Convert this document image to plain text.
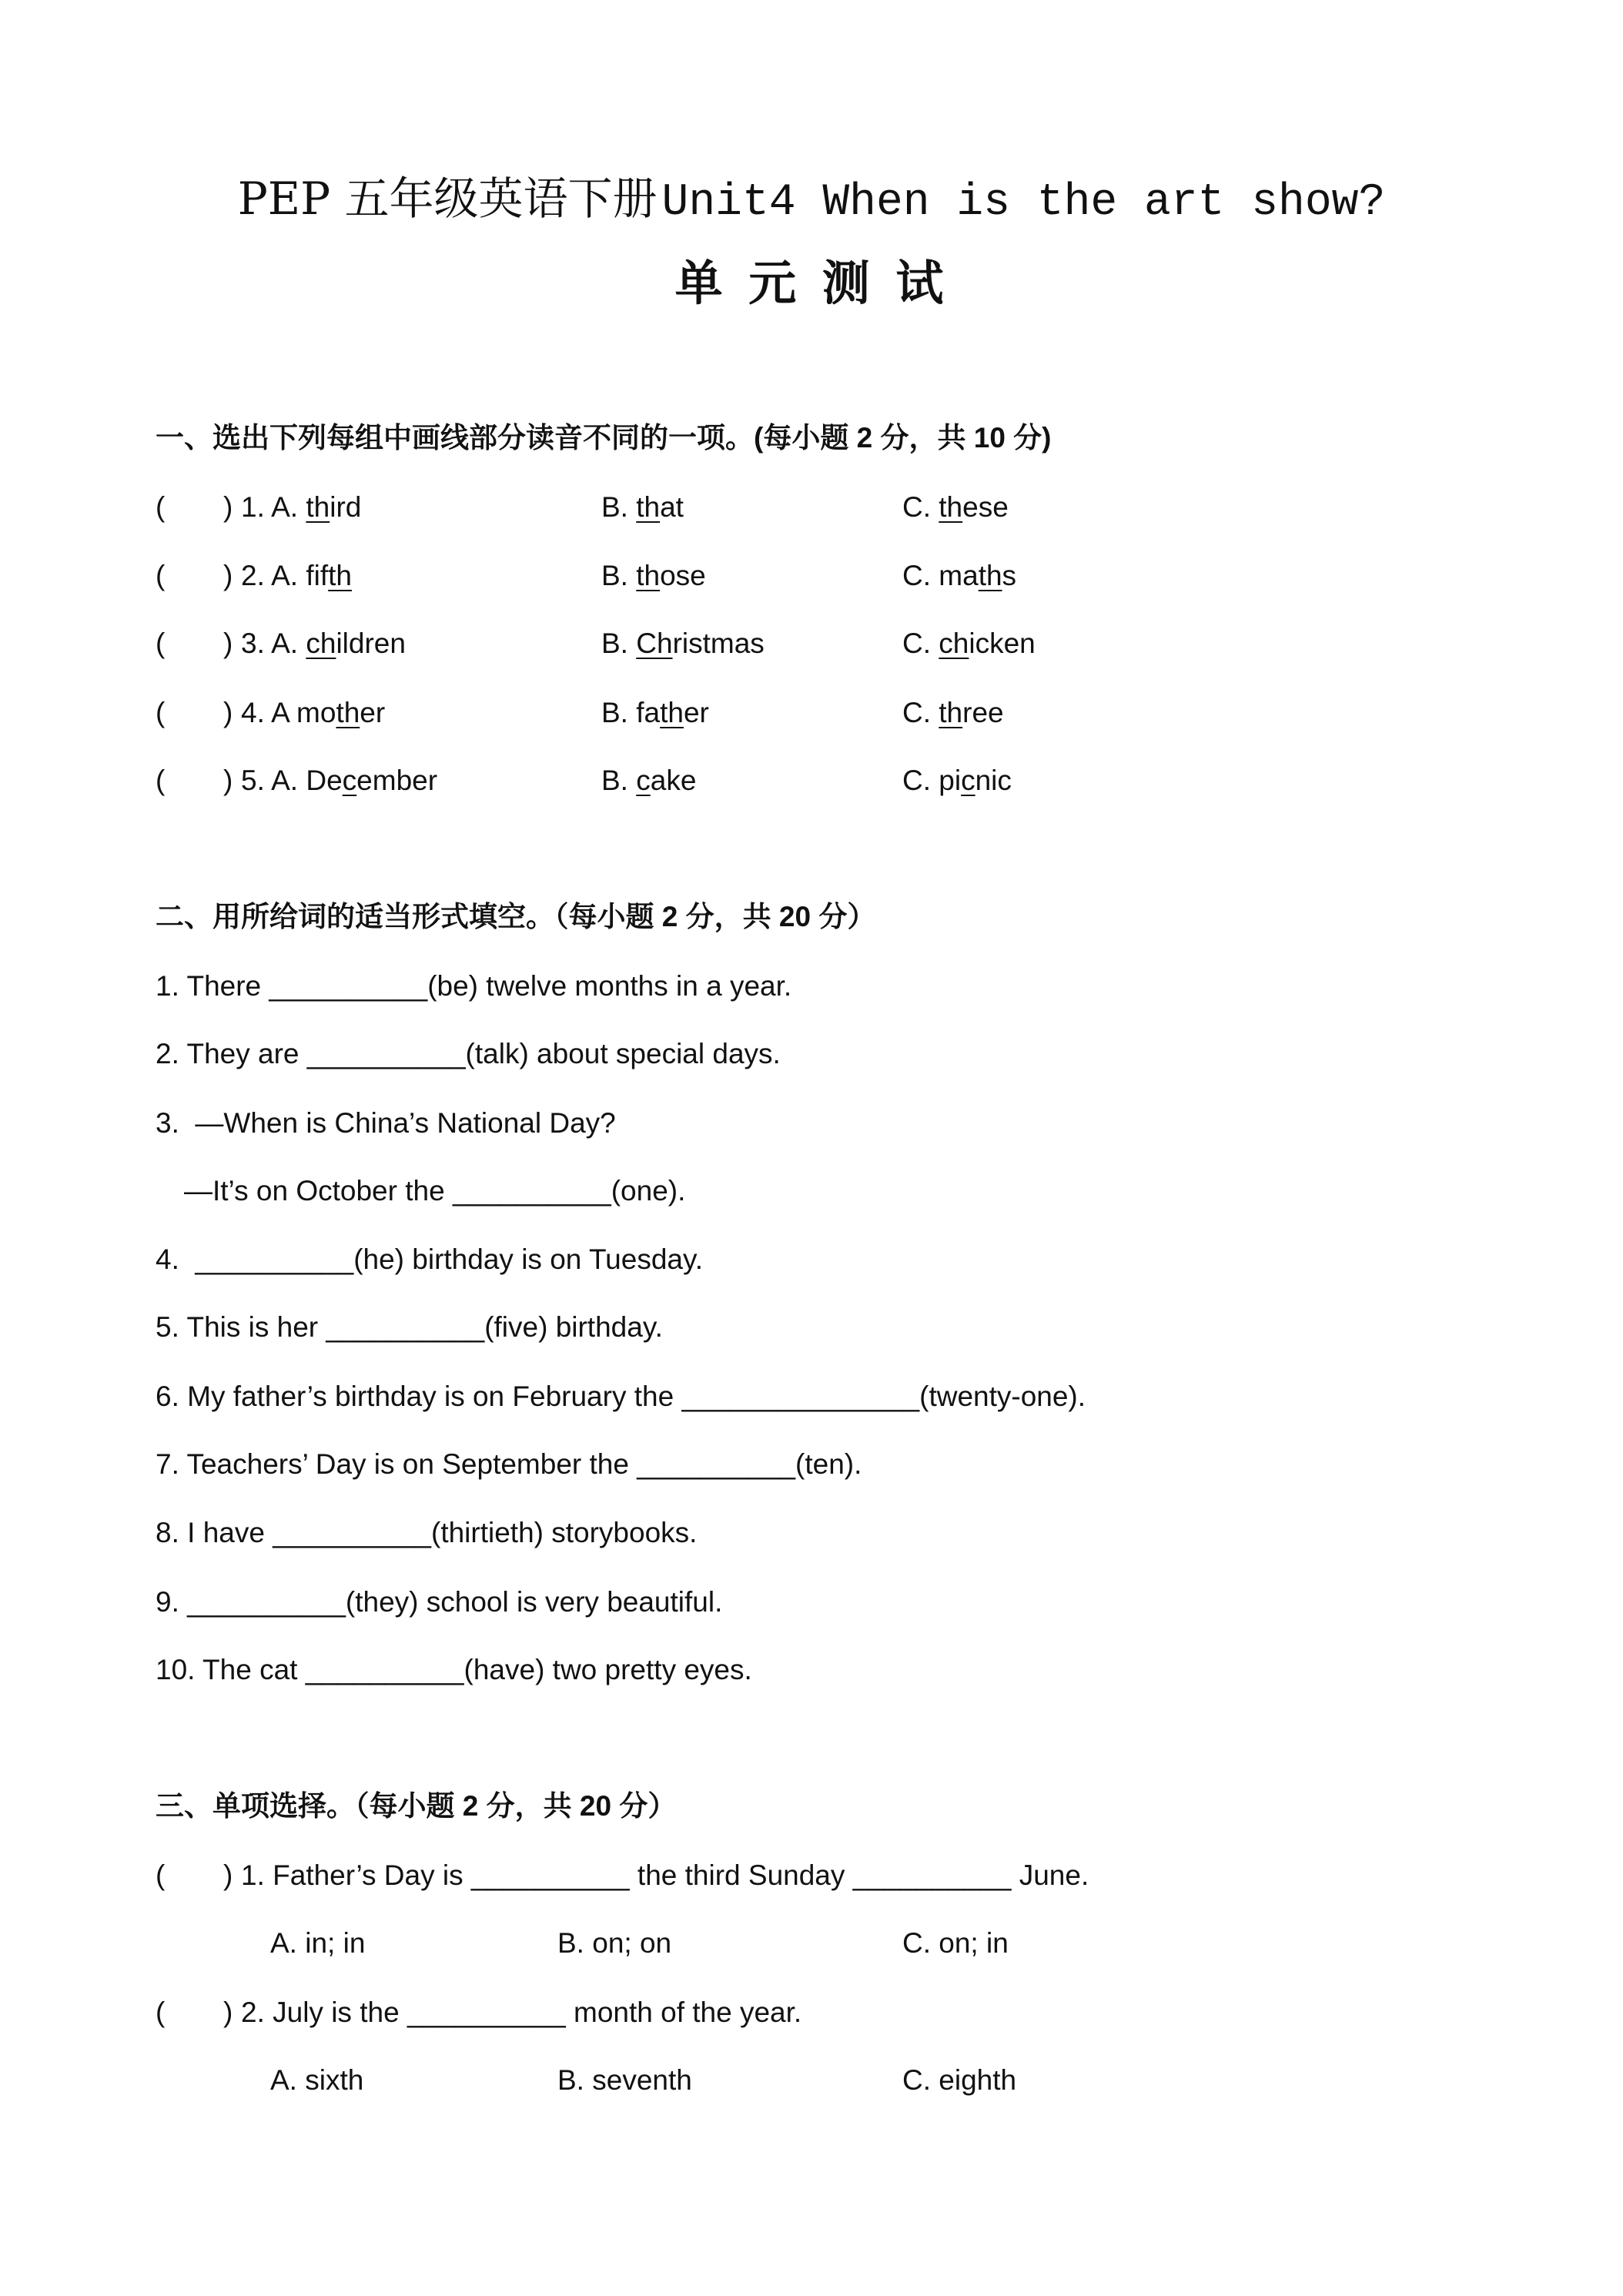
PEP 五年级英语下册 Unit4 When is the art show?
单 元 测 试
一、选出下列每组中画线部分读音不同的一项。(每小题 2 分，共 10 分)
( ) 1. A. third	B. that	C. these
( ) 2. A. fifth	B. those	C. maths
( ) 3. A. children	B. Christmas	C. chicken
( ) 4. A mother	B. father	C. three
( ) 5. A. December	B. cake	C. picnic
二、用所给词的适当形式填空。（每小题 2 分，共 20 分）
1. There __________(be) twelve months in a year.
2. They are __________(talk) about special days.
3.  —When is China’s National Day?
—It’s on October the __________(one).
4.  __________(he) birthday is on Tuesday.
5. This is her __________(five) birthday.
6. My father’s birthday is on February the _______________(twenty-one).
7. Teachers’ Day is on September the __________(ten).
8. I have __________(thirtieth) storybooks.
9. __________(they) school is very beautiful.
10. The cat __________(have) two pretty eyes.
三、单项选择。（每小题 2 分，共 20 分）
( ) 1. Father’s Day is __________ the third Sunday __________ June.
A. in; in	B. on; on	C. on; in
( ) 2. July is the __________ month of the year.
A. sixth	B. seventh	C. eighth
